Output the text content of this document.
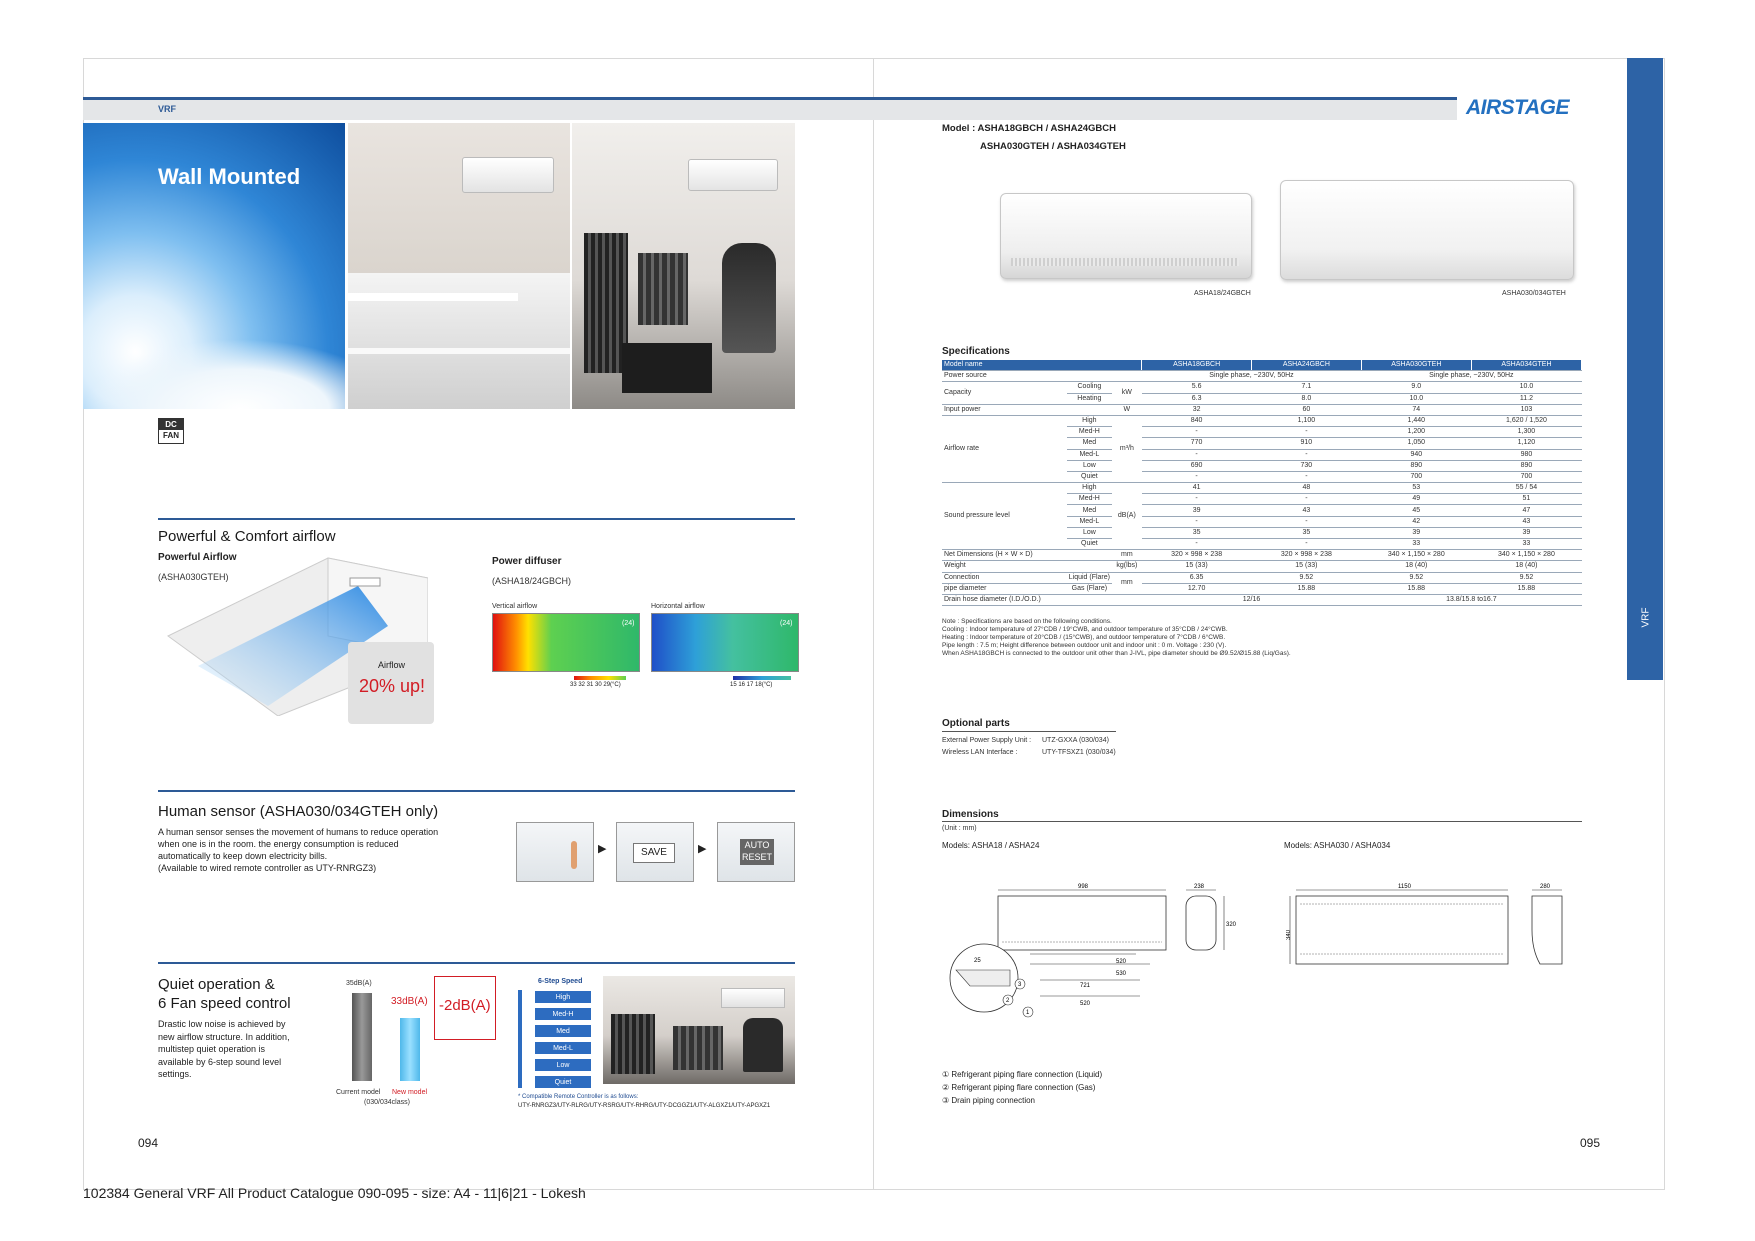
VRF	AIRSTAGE
VRF
Wall Mounted
DC
FAN
Powerful & Comfort airflow
Powerful Airflow
(ASHA030GTEH)
Airflow
20% up!
Power diffuser
(ASHA18/24GBCH)
Vertical airflow	Horizontal airflow
(24)	(24)
33 32 31 30 29(°C)	15 16 17 18(°C)
Human sensor (ASHA030/034GTEH only)
A human sensor senses the movement of humans to reduce operation
when one is in the room. the energy consumption is reduced
automatically to keep down electricity bills.
(Available to wired remote controller as UTY-RNRGZ3)
▶	SAVE	▶	AUTO
RESET
Quiet operation &
6 Fan speed control
Drastic low noise is achieved by
new airflow structure. In addition,
multistep quiet operation is
available by 6-step sound level
settings.
35dB(A)
33dB(A) -2dB(A)
Current model New model
(030/034class)
6-Step Speed
High
Med-H
Med
Med-L
Low
Quiet
* Compatible Remote Controller is as follows:
UTY-RNRGZ3/UTY-RLRG/UTY-RSRG/UTY-RHRG/UTY-DCGGZ1/UTY-ALGXZ1/UTY-APGXZ1
094
Model : ASHA18GBCH / ASHA24GBCH
ASHA030GTEH / ASHA034GTEH
ASHA18/24GBCH	ASHA030/034GTEH
Specifications
Model name			ASHA18GBCH	ASHA24GBCH	ASHA030GTEH	ASHA034GTEH
Power source			Single phase, ~230V, 50Hz		Single phase, ~230V, 50Hz	
Capacity	Cooling	kW	5.6	7.1	9.0	10.0
	Heating		6.3	8.0	10.0	11.2
Input power		W	32	60	74	103
Airflow rate	High	m³/h	840	1,100	1,440	1,620 / 1,520
	Med-H		-	-	1,200	1,300
	Med		770	910	1,050	1,120
	Med-L		-	-	940	980
	Low		690	730	890	890
	Quiet		-	-	700	700
Sound pressure level	High	dB(A)	41	48	53	55 / 54
	Med-H		-	-	49	51
	Med		39	43	45	47
	Med-L		-	-	42	43
	Low		35	35	39	39
	Quiet		-	-	33	33
Net Dimensions (H × W × D)		mm	320 × 998 × 238	320 × 998 × 238	340 × 1,150 × 280	340 × 1,150 × 280
Weight		kg(lbs)	15 (33)	15 (33)	18 (40)	18 (40)
Connection	Liquid (Flare)	mm	6.35	9.52	9.52	9.52
pipe diameter	Gas (Flare)		12.70	15.88	15.88	15.88
Drain hose diameter (I.D./O.D.)			12/16		13.8/15.8 to16.7	
Note : Specifications are based on the following conditions.
Cooling : Indoor temperature of 27°CDB / 19°CWB, and outdoor temperature of 35°CDB / 24°CWB.
Heating : Indoor temperature of 20°CDB / (15°CWB), and outdoor temperature of 7°CDB / 6°CWB.
Pipe length : 7.5 m; Height difference between outdoor unit and indoor unit : 0 m. Voltage : 230 (V).
When ASHA18GBCH is connected to the outdoor unit other than J-IVL, pipe diameter should be Ø9.52/Ø15.88 (Liq/Gas).
Optional parts
External Power Supply Unit : UTZ-GXXA (030/034)
Wireless LAN Interface :	UTY-TFSXZ1 (030/034)
Dimensions
(Unit : mm)
Models: ASHA18 / ASHA24	Models: ASHA030 / ASHA034
998	238
320
25	520
530
721
520
3
2
1
1150
340
280
① Refrigerant piping flare connection (Liquid)
② Refrigerant piping flare connection (Gas)
③ Drain piping connection
095
102384 General VRF All Product Catalogue 090-095 - size: A4 - 11|6|21 - Lokesh
